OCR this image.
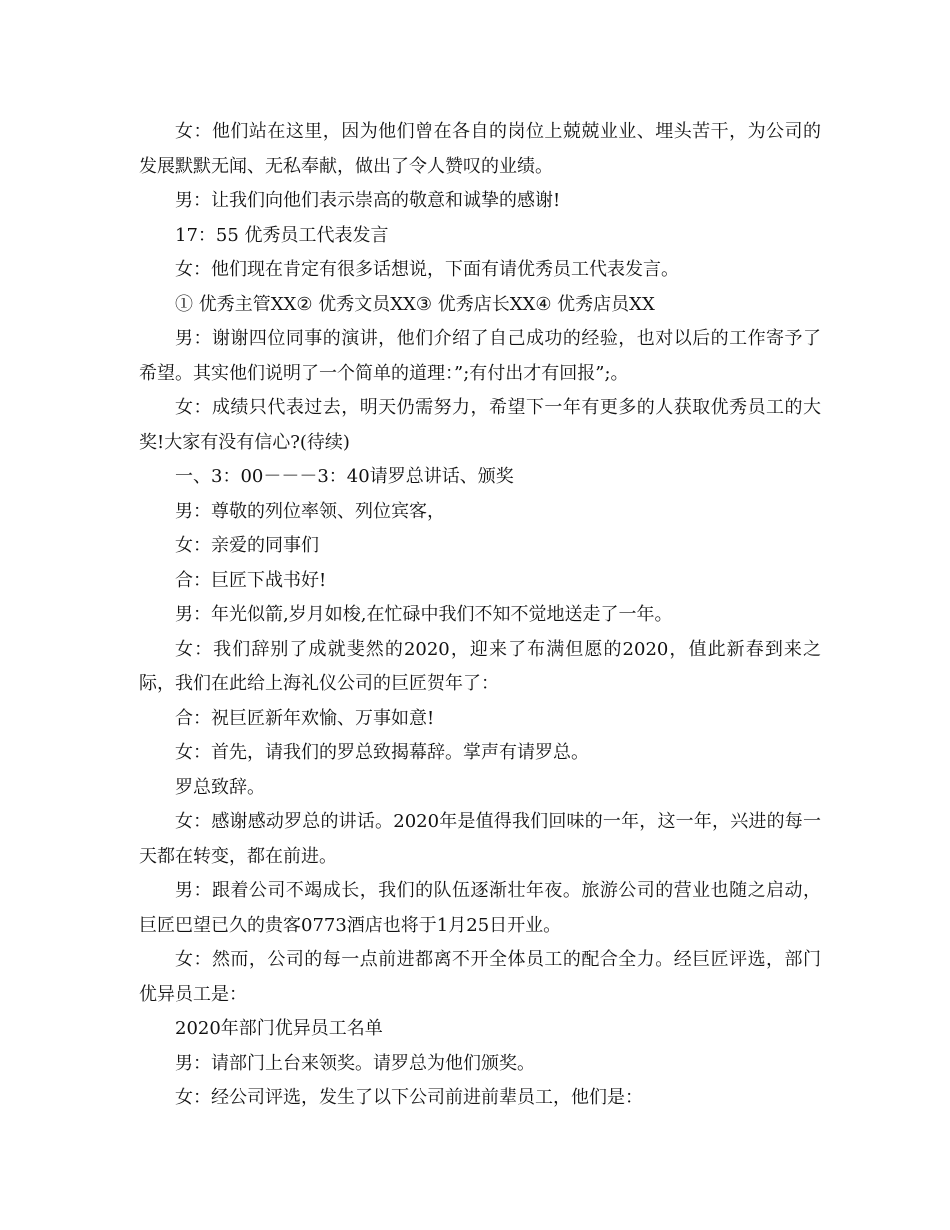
女：他们站在这里，因为他们曾在各自的岗位上兢兢业业、埋头苦干，为公司的发展默默无闻、无私奉献，做出了令人赞叹的业绩。

男：让我们向他们表示崇高的敬意和诚挚的感谢!

17：55 优秀员工代表发言

女：他们现在肯定有很多话想说，下面有请优秀员工代表发言。

① 优秀主管XX② 优秀文员XX③ 优秀店长XX④ 优秀店员XX

男：谢谢四位同事的演讲，他们介绍了自己成功的经验，也对以后的工作寄予了希望。其实他们说明了一个简单的道理：”;有付出才有回报”;。

女：成绩只代表过去，明天仍需努力，希望下一年有更多的人获取优秀员工的大奖!大家有没有信心?(待续)

一、3：00－－－3：40请罗总讲话、颁奖

男：尊敬的列位率领、列位宾客，

女：亲爱的同事们

合：巨匠下战书好!

男：年光似箭,岁月如梭,在忙碌中我们不知不觉地送走了一年。

女：我们辞别了成就斐然的2020，迎来了布满但愿的2020，值此新春到来之际，我们在此给上海礼仪公司的巨匠贺年了：

合：祝巨匠新年欢愉、万事如意!

女：首先，请我们的罗总致揭幕辞。掌声有请罗总。

罗总致辞。

女：感谢感动罗总的讲话。2020年是值得我们回味的一年，这一年，兴进的每一天都在转变，都在前进。

男：跟着公司不竭成长，我们的队伍逐渐壮年夜。旅游公司的营业也随之启动，巨匠巴望已久的贵客0773酒店也将于1月25日开业。

女：然而，公司的每一点前进都离不开全体员工的配合全力。经巨匠评选，部门优异员工是：

2020年部门优异员工名单

男：请部门上台来领奖。请罗总为他们颁奖。

女：经公司评选，发生了以下公司前进前辈员工，他们是：
